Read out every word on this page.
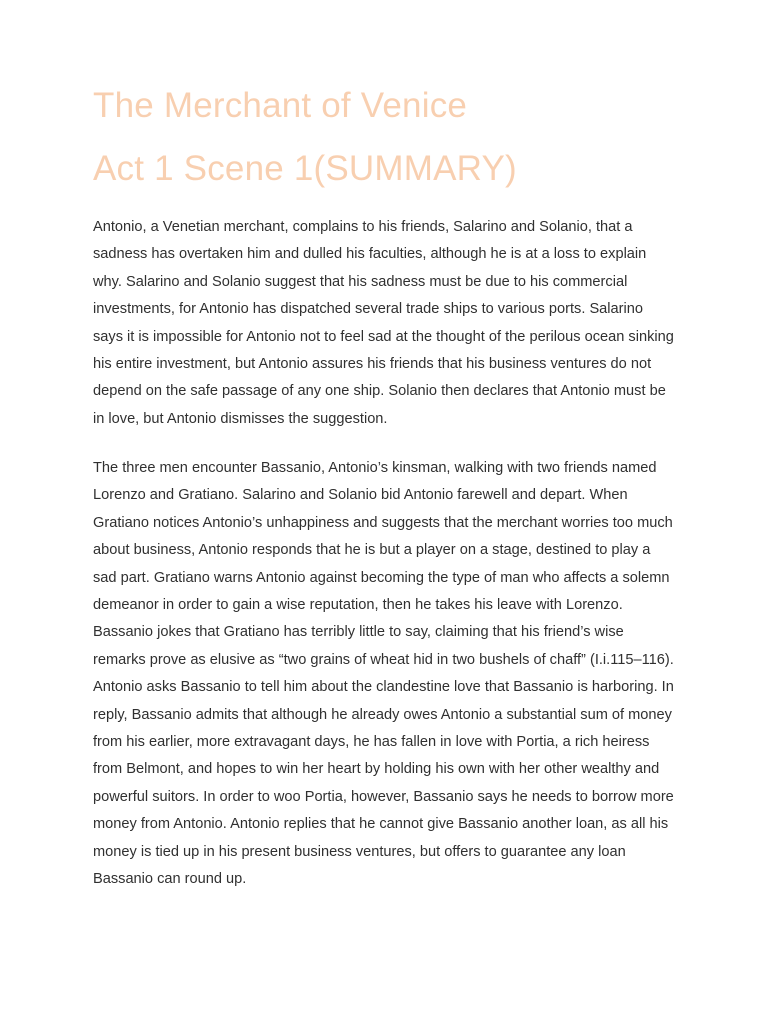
The Merchant of Venice
Act 1 Scene 1(SUMMARY)

Antonio, a Venetian merchant, complains to his friends, Salarino and Solanio, that a sadness has overtaken him and dulled his faculties, although he is at a loss to explain why. Salarino and Solanio suggest that his sadness must be due to his commercial investments, for Antonio has dispatched several trade ships to various ports. Salarino says it is impossible for Antonio not to feel sad at the thought of the perilous ocean sinking his entire investment, but Antonio assures his friends that his business ventures do not depend on the safe passage of any one ship. Solanio then declares that Antonio must be in love, but Antonio dismisses the suggestion.

The three men encounter Bassanio, Antonio’s kinsman, walking with two friends named Lorenzo and Gratiano. Salarino and Solanio bid Antonio farewell and depart. When Gratiano notices Antonio’s unhappiness and suggests that the merchant worries too much about business, Antonio responds that he is but a player on a stage, destined to play a sad part. Gratiano warns Antonio against becoming the type of man who affects a solemn demeanor in order to gain a wise reputation, then he takes his leave with Lorenzo. Bassanio jokes that Gratiano has terribly little to say, claiming that his friend’s wise remarks prove as elusive as “two grains of wheat hid in two bushels of chaff” (I.i.115–116). Antonio asks Bassanio to tell him about the clandestine love that Bassanio is harboring. In reply, Bassanio admits that although he already owes Antonio a substantial sum of money from his earlier, more extravagant days, he has fallen in love with Portia, a rich heiress from Belmont, and hopes to win her heart by holding his own with her other wealthy and powerful suitors. In order to woo Portia, however, Bassanio says he needs to borrow more money from Antonio. Antonio replies that he cannot give Bassanio another loan, as all his money is tied up in his present business ventures, but offers to guarantee any loan Bassanio can round up.
